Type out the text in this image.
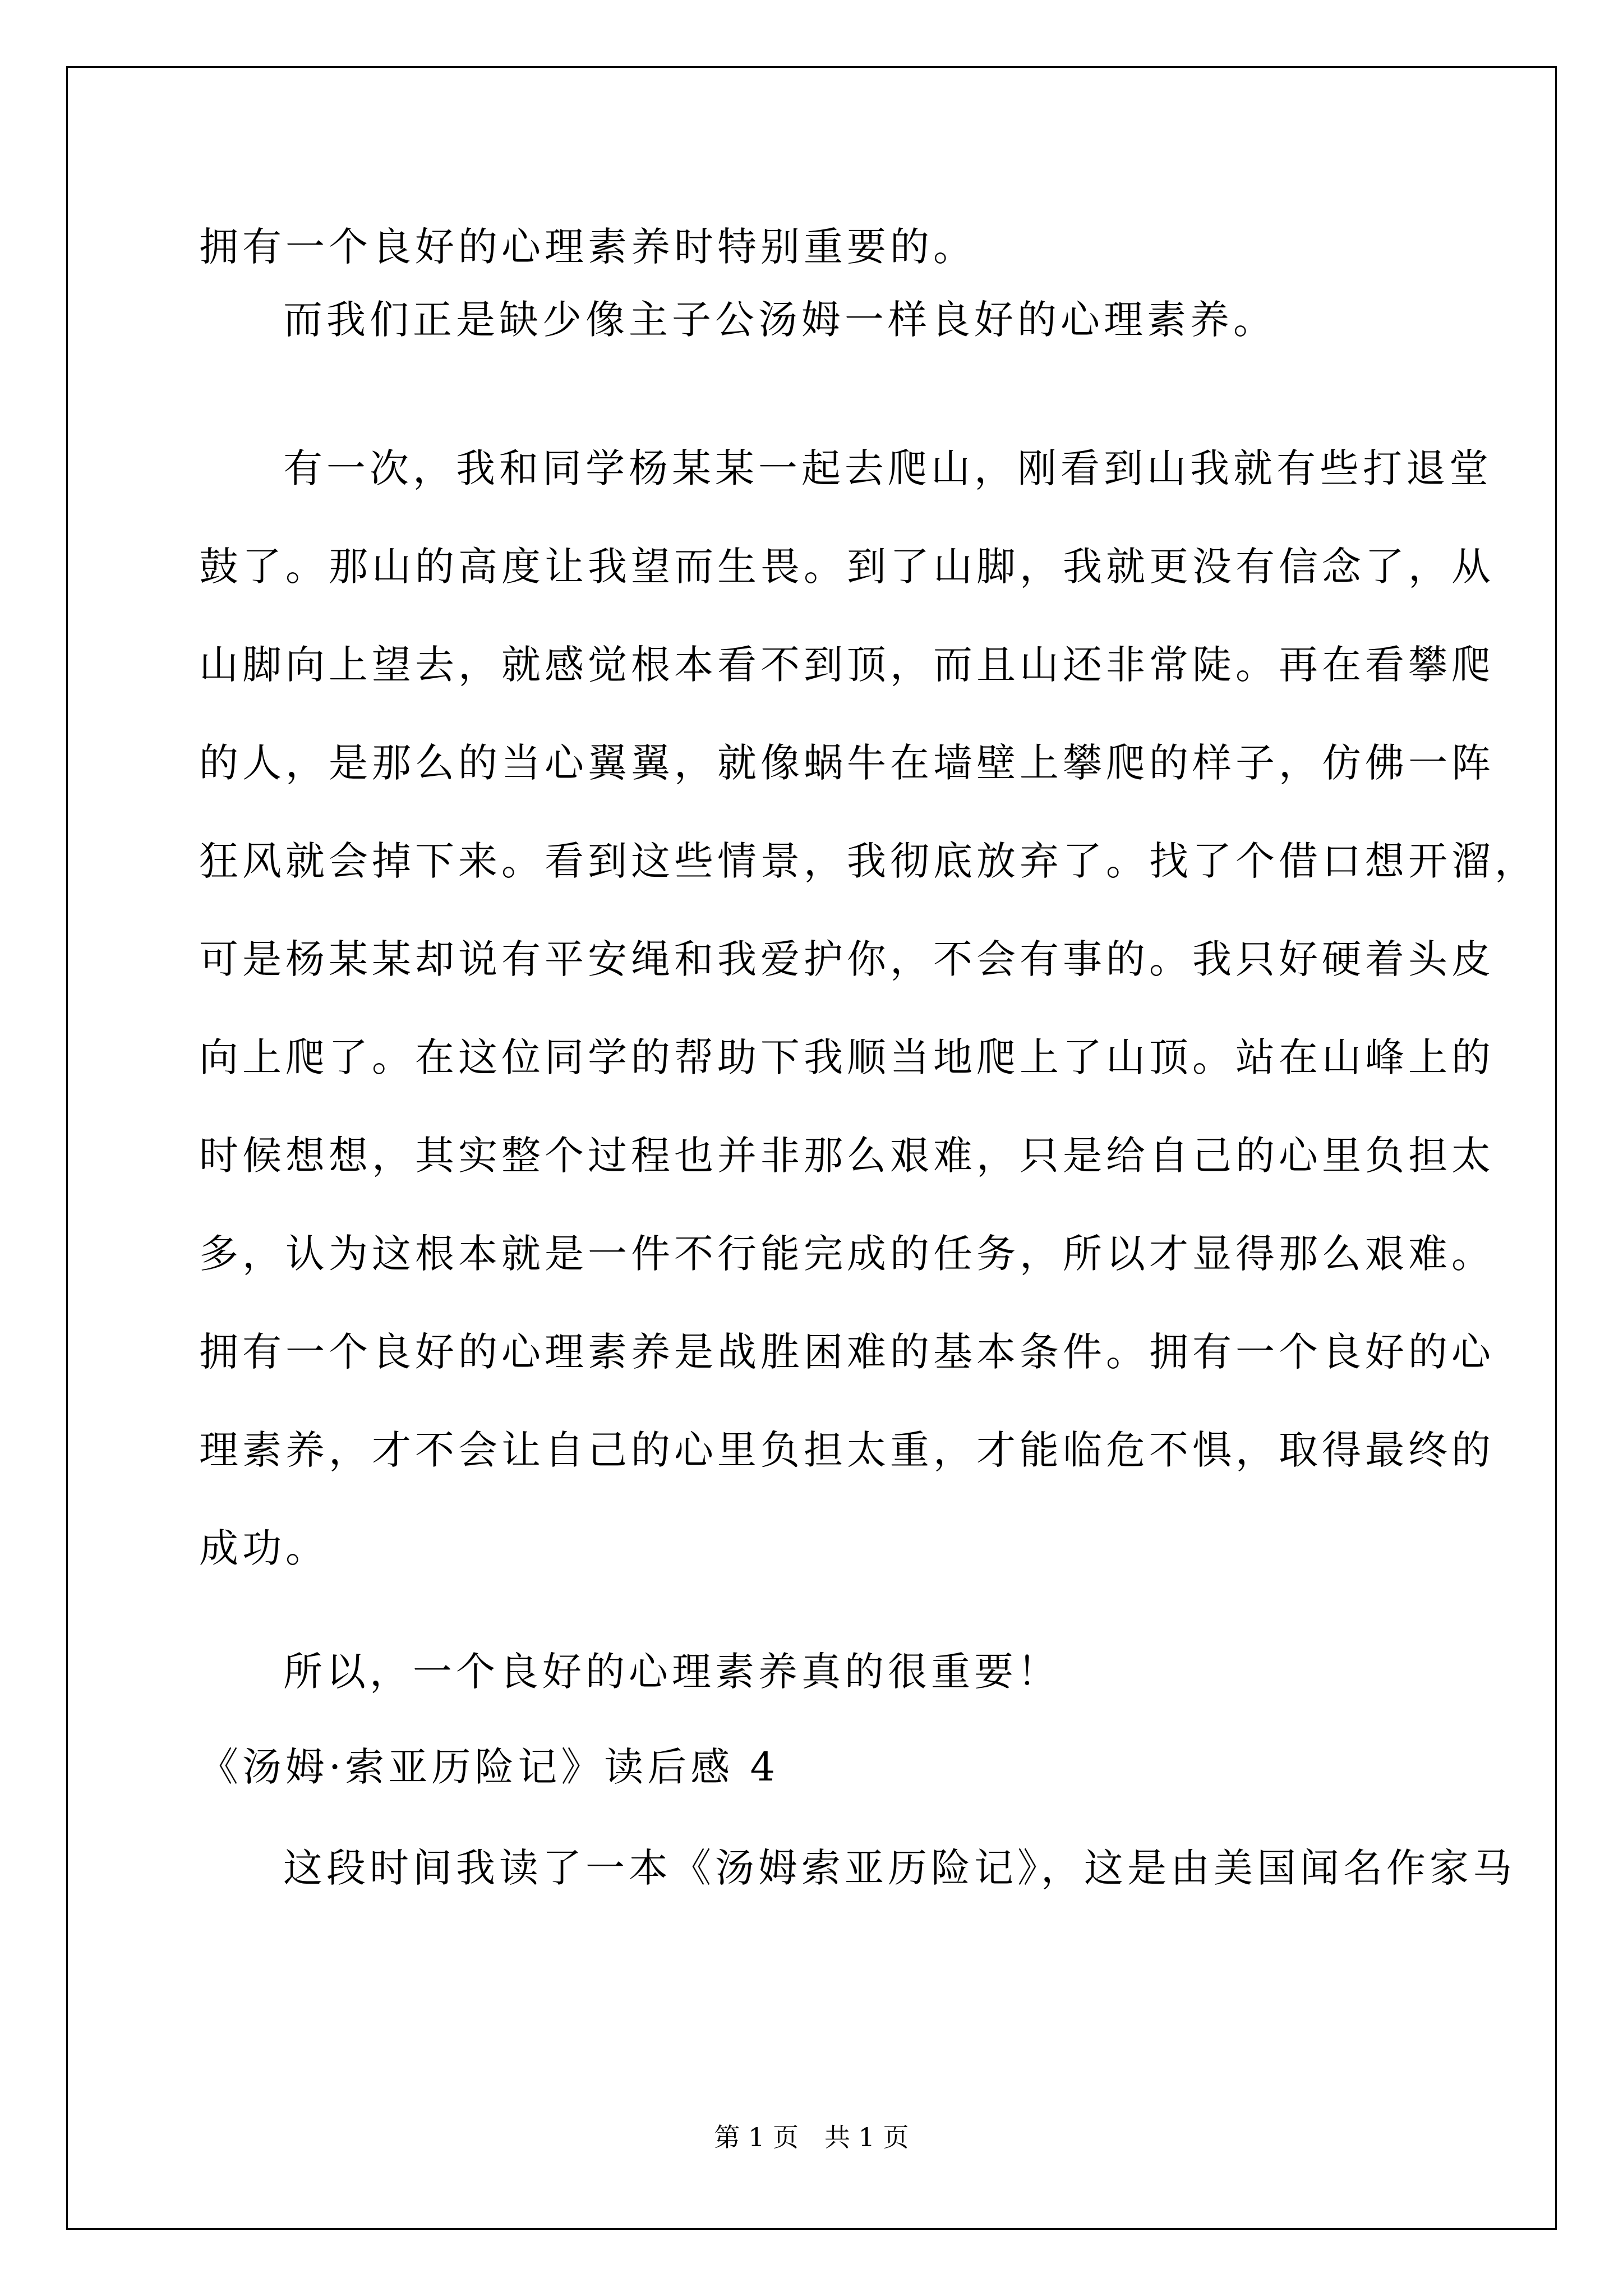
拥有一个良好的心理素养时特别重要的。

而我们正是缺少像主子公汤姆一样良好的心理素养。

有一次，我和同学杨某某一起去爬山，刚看到山我就有些打退堂

鼓了。那山的高度让我望而生畏。到了山脚，我就更没有信念了，从

山脚向上望去，就感觉根本看不到顶，而且山还非常陡。再在看攀爬

的人，是那么的当心翼翼，就像蜗牛在墙壁上攀爬的样子，仿佛一阵

狂风就会掉下来。看到这些情景，我彻底放弃了。找了个借口想开溜，

可是杨某某却说有平安绳和我爱护你，不会有事的。我只好硬着头皮

向上爬了。在这位同学的帮助下我顺当地爬上了山顶。站在山峰上的

时候想想，其实整个过程也并非那么艰难，只是给自己的心里负担太

多，认为这根本就是一件不行能完成的任务，所以才显得那么艰难。

拥有一个良好的心理素养是战胜困难的基本条件。拥有一个良好的心

理素养，才不会让自己的心里负担太重，才能临危不惧，取得最终的

成功。

所以，一个良好的心理素养真的很重要！

《汤姆·索亚历险记》读后感 4

这段时间我读了一本《汤姆索亚历险记》，这是由美国闻名作家马

第 1 页　共 1 页
